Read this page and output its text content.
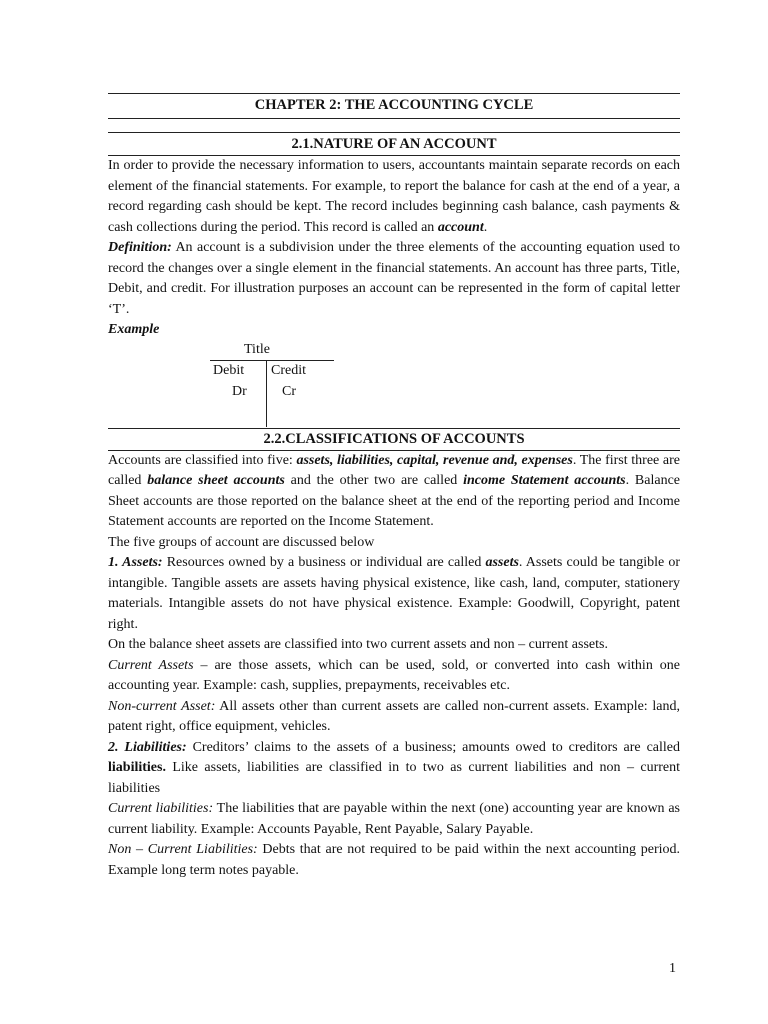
CHAPTER 2: THE ACCOUNTING CYCLE
2.1.NATURE OF AN ACCOUNT

In order to provide the necessary information to users, accountants maintain separate records on each element of the financial statements. For example, to report the balance for cash at the end of a year, a record regarding cash should be kept. The record includes beginning cash balance, cash payments & cash collections during the period. This record is called an account.
Definition: An account is a subdivision under the three elements of the accounting equation used to record the changes over a single element in the financial statements. An account has three parts, Title, Debit, and credit. For illustration purposes an account can be represented in the form of capital letter ‘T’.

Example

Title
Debit Credit
Dr	Cr
2.2.CLASSIFICATIONS OF ACCOUNTS

Accounts are classified into five: assets, liabilities, capital, revenue and, expenses. The first three are called balance sheet accounts and the other two are called income Statement accounts. Balance Sheet accounts are those reported on the balance sheet at the end of the reporting period and Income Statement accounts are reported on the Income Statement.

The five groups of account are discussed below

1. Assets: Resources owned by a business or individual are called assets. Assets could be tangible or intangible. Tangible assets are assets having physical existence, like cash, land, computer, stationery materials. Intangible assets do not have physical existence. Example: Goodwill, Copyright, patent right.

On the balance sheet assets are classified into two current assets and non – current assets.

Current Assets – are those assets, which can be used, sold, or converted into cash within one accounting year. Example: cash, supplies, prepayments, receivables etc.

Non-current Asset: All assets other than current assets are called non-current assets. Example: land, patent right, office equipment, vehicles.

2. Liabilities: Creditors’ claims to the assets of a business; amounts owed to creditors are called liabilities. Like assets, liabilities are classified in to two as current liabilities and non – current liabilities

Current liabilities: The liabilities that are payable within the next (one) accounting year are known as current liability. Example: Accounts Payable, Rent Payable, Salary Payable.

Non – Current Liabilities: Debts that are not required to be paid within the next accounting period. Example long term notes payable.

1
